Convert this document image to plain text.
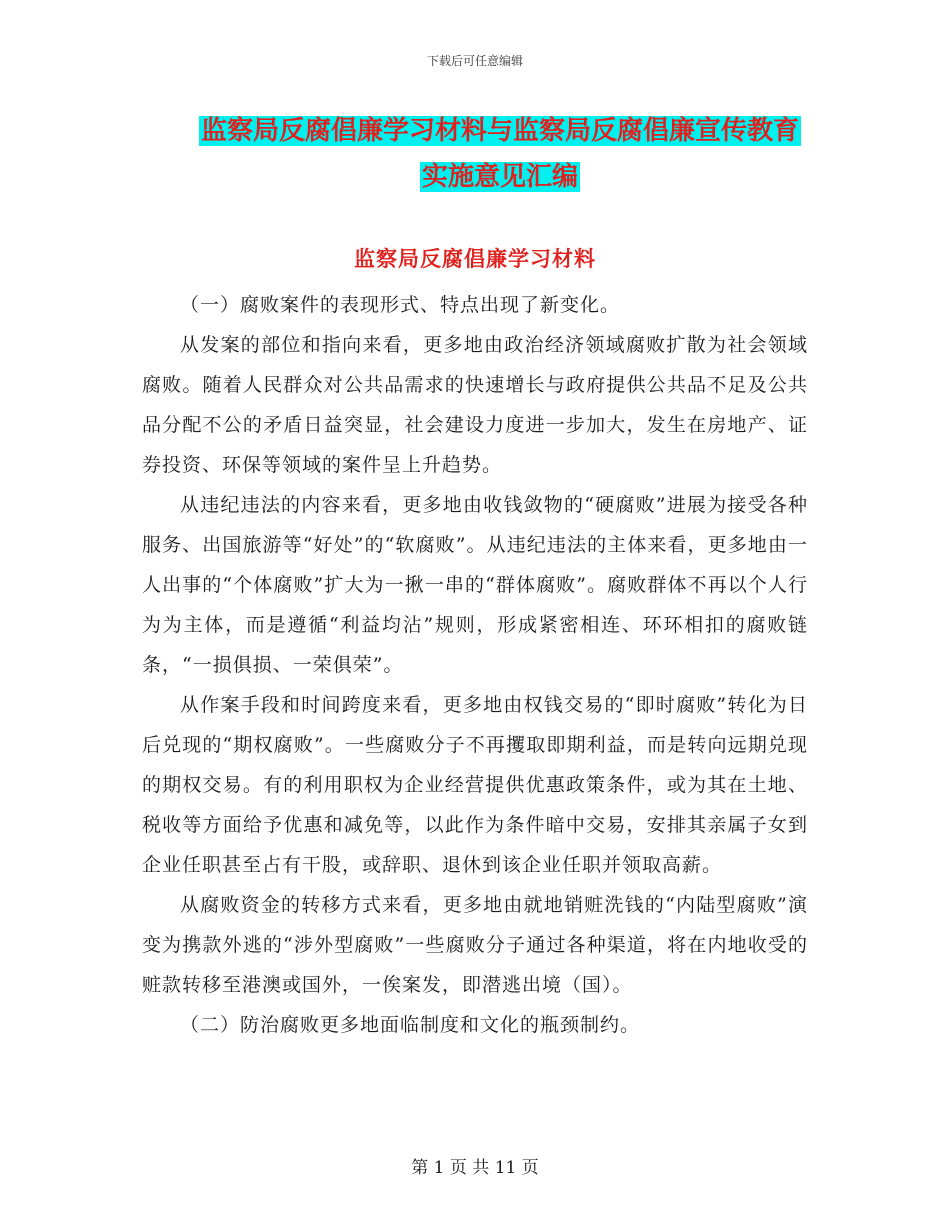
下载后可任意编辑
监察局反腐倡廉学习材料与监察局反腐倡廉宣传教育
实施意见汇编
监察局反腐倡廉学习材料

（一）腐败案件的表现形式、特点出现了新变化。

从发案的部位和指向来看，更多地由政治经济领域腐败扩散为社会领域腐败。随着人民群众对公共品需求的快速增长与政府提供公共品不足及公共品分配不公的矛盾日益突显，社会建设力度进一步加大，发生在房地产、证券投资、环保等领域的案件呈上升趋势。

从违纪违法的内容来看，更多地由收钱敛物的“硬腐败”进展为接受各种服务、出国旅游等“好处”的“软腐败”。从违纪违法的主体来看，更多地由一人出事的“个体腐败”扩大为一揪一串的“群体腐败”。腐败群体不再以个人行为为主体，而是遵循“利益均沾”规则，形成紧密相连、环环相扣的腐败链条，“一损俱损、一荣俱荣”。

从作案手段和时间跨度来看，更多地由权钱交易的“即时腐败”转化为日后兑现的“期权腐败”。一些腐败分子不再攫取即期利益，而是转向远期兑现的期权交易。有的利用职权为企业经营提供优惠政策条件，或为其在土地、税收等方面给予优惠和减免等，以此作为条件暗中交易，安排其亲属子女到企业任职甚至占有干股，或辞职、退休到该企业任职并领取高薪。

从腐败资金的转移方式来看，更多地由就地销赃洗钱的“内陆型腐败”演变为携款外逃的“涉外型腐败”一些腐败分子通过各种渠道，将在内地收受的赃款转移至港澳或国外，一俟案发，即潜逃出境（国）。

（二）防治腐败更多地面临制度和文化的瓶颈制约。

第 1 页 共 11 页
